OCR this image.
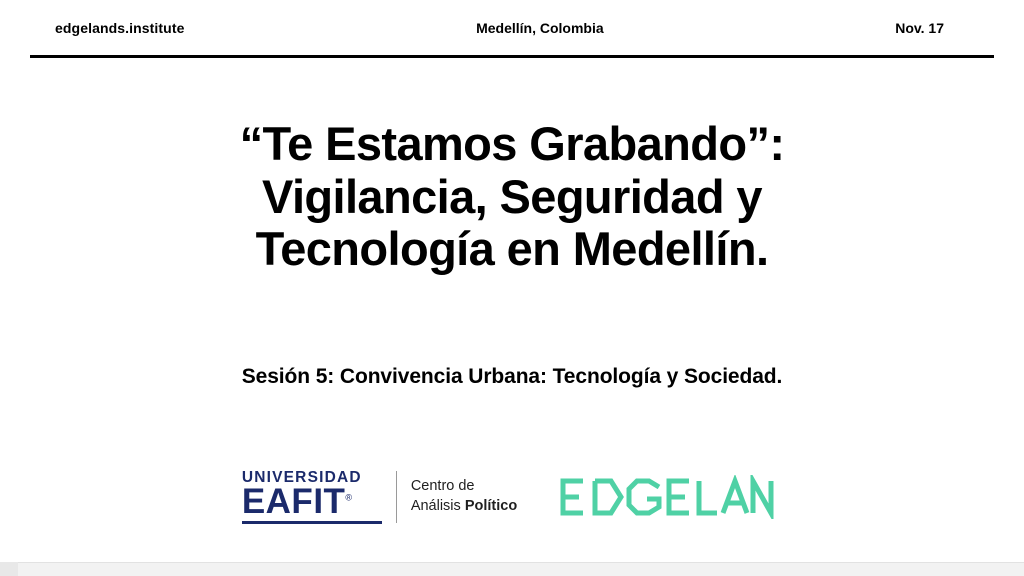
edgelands.institute	Medellín, Colombia	Nov. 17
“Te Estamos Grabando”:
Vigilancia, Seguridad y
Tecnología en Medellín.
Sesión 5: Convivencia Urbana: Tecnología y Sociedad.
UNIVERSIDAD
EAFIT®
Centro de
Análisis Político
